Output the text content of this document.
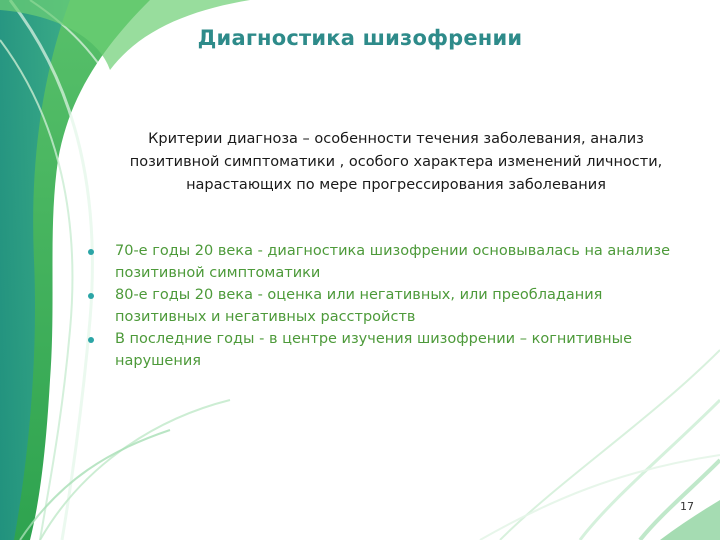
Диагностика шизофрении
Критерии диагноза – особенности течения заболевания, анализ позитивной симптоматики , особого характера изменений личности, нарастающих по мере прогрессирования заболевания
70-е годы 20 века - диагностика шизофрении основывалась на анализе позитивной симптоматики
80-е годы 20 века - оценка или негативных, или преобладания позитивных и негативных расстройств
В последние годы - в центре изучения шизофрении – когнитивные нарушения
17
